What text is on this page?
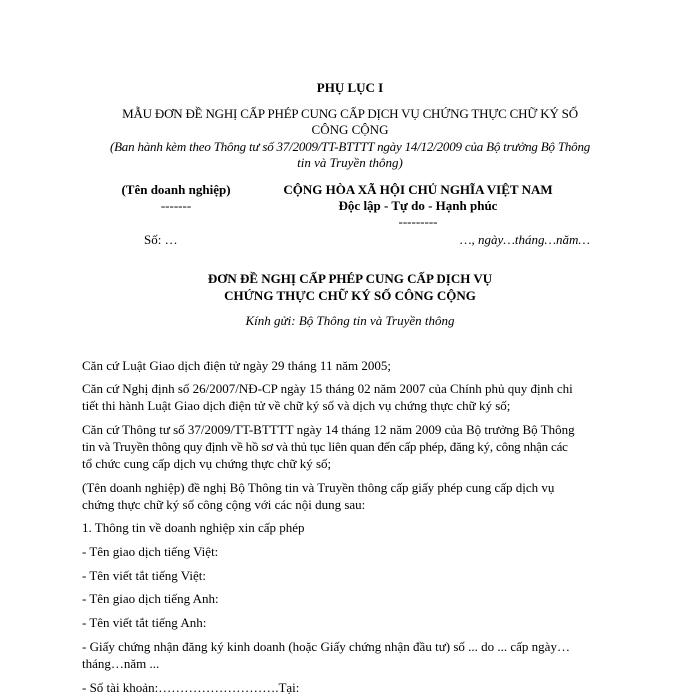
PHỤ LỤC I
MẪU ĐƠN ĐỀ NGHỊ CẤP PHÉP CUNG CẤP DỊCH VỤ CHỨNG THỰC CHỮ KÝ SỐ
CÔNG CỘNG
(Ban hành kèm theo Thông tư số 37/2009/TT-BTTTT ngày 14/12/2009 của Bộ trưởng Bộ Thông
tin và Truyền thông)
(Tên doanh nghiệp)
-------
CỘNG HÒA XÃ HỘI CHỦ NGHĨA VIỆT NAM
Độc lập - Tự do - Hạnh phúc
---------
Số: …	…, ngày…tháng…năm…
ĐƠN ĐỀ NGHỊ CẤP PHÉP CUNG CẤP DỊCH VỤ
CHỨNG THỰC CHỮ KÝ SỐ CÔNG CỘNG
Kính gửi: Bộ Thông tin và Truyền thông
Căn cứ Luật Giao dịch điện tử ngày 29 tháng 11 năm 2005;
Căn cứ Nghị định số 26/2007/NĐ-CP ngày 15 tháng 02 năm 2007 của Chính phủ quy định chi
tiết thi hành Luật Giao dịch điện tử về chữ ký số và dịch vụ chứng thực chữ ký số;
Căn cứ Thông tư số 37/2009/TT-BTTTT ngày 14 tháng 12 năm 2009 của Bộ trưởng Bộ Thông
tin và Truyền thông quy định về hồ sơ và thủ tục liên quan đến cấp phép, đăng ký, công nhận các
tổ chức cung cấp dịch vụ chứng thực chữ ký số;
(Tên doanh nghiệp) đề nghị Bộ Thông tin và Truyền thông cấp giấy phép cung cấp dịch vụ
chứng thực chữ ký số công cộng với các nội dung sau:
1. Thông tin về doanh nghiệp xin cấp phép
- Tên giao dịch tiếng Việt:
- Tên viết tắt tiếng Việt:
- Tên giao dịch tiếng Anh:
- Tên viết tắt tiếng Anh:
- Giấy chứng nhận đăng ký kinh doanh (hoặc Giấy chứng nhận đầu tư) số ... do ... cấp ngày…
tháng…năm ...
- Số tài khoản:……………………….Tại:
